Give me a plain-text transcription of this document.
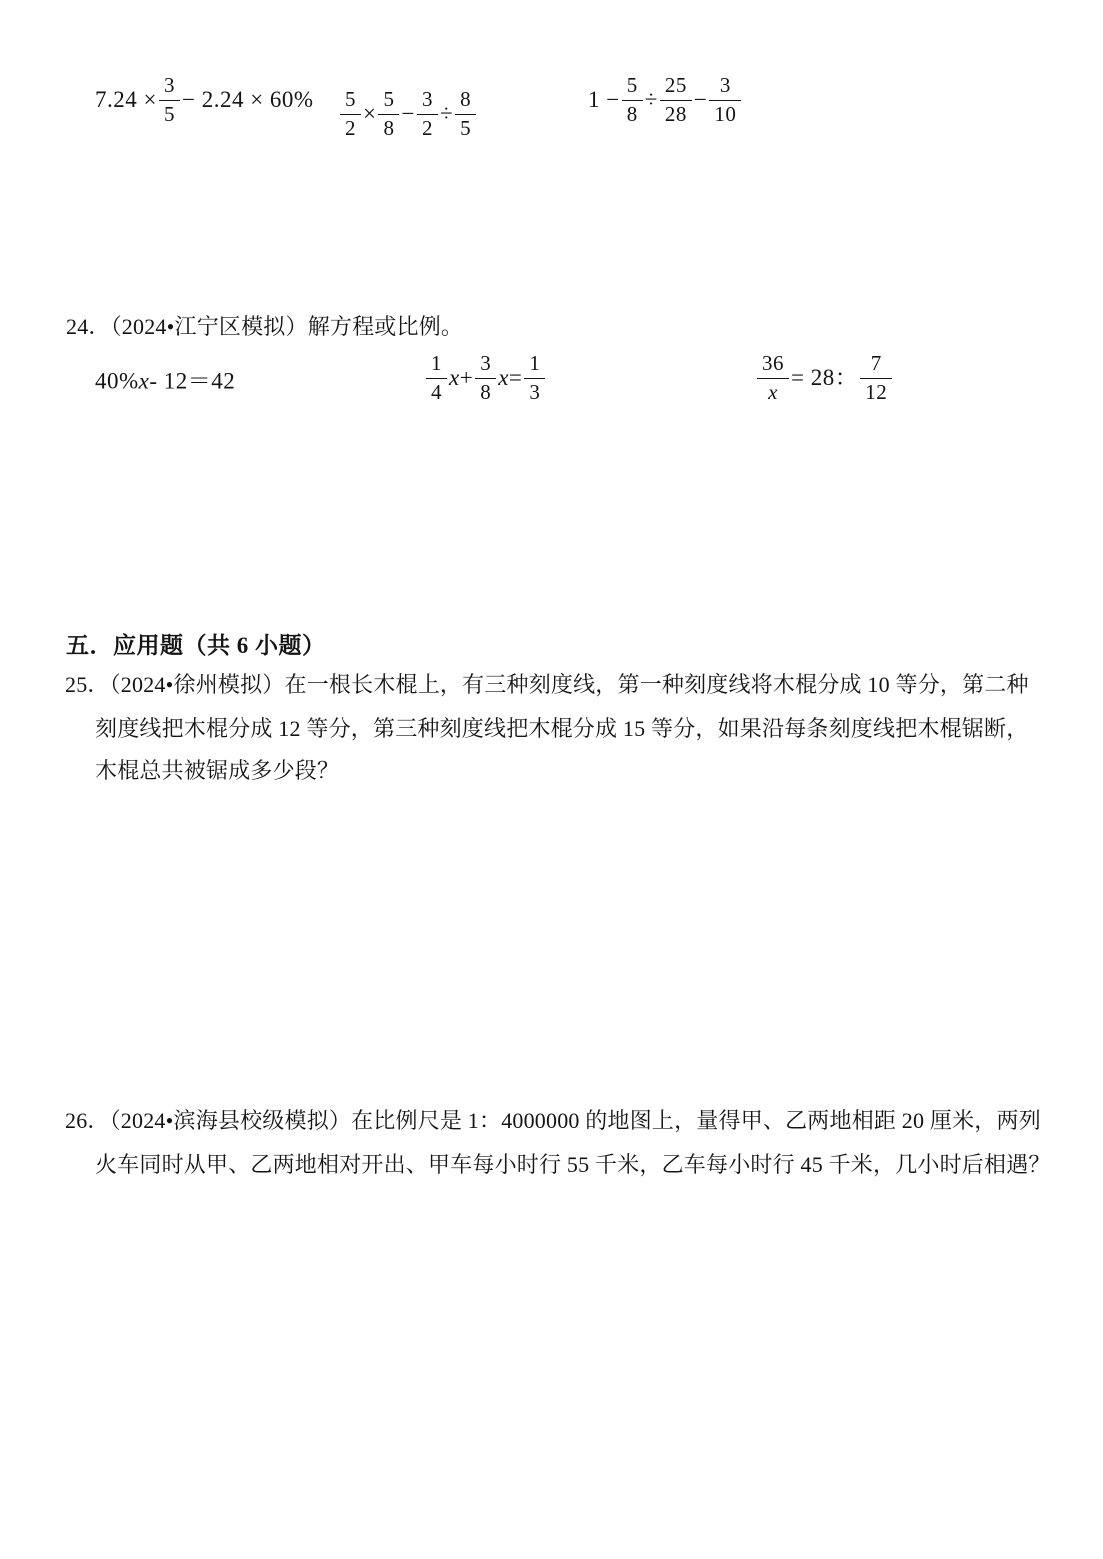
$7.24 \times \frac{3}{5} - 2.24 \times 60\% \frac{5}{2} \times \frac{5}{8} - \frac{3}{2} \div \frac{8}{5}$	$1 - \frac{5}{8} \div \frac{25}{28} - \frac{3}{10}$
24．（2024•江宁区模拟）解方程或比例。
40%x- 12＝42	$\frac{1}{4} x+ \frac{3}{8} x= \frac{1}{3}$	$\frac{36}{x} = 28$： $\frac{7}{12}$
五．应用题（共 6 小题）
25．（2024•徐州模拟）在一根长木棍上，有三种刻度线，第一种刻度线将木棍分成 10 等分，第二种
刻度线把木棍分成 12 等分，第三种刻度线把木棍分成 15 等分，如果沿每条刻度线把木棍锯断，
木棍总共被锯成多少段？
26．（2024•滨海县校级模拟）在比例尺是 1：4000000 的地图上，量得甲、乙两地相距 20 厘米，两列
火车同时从甲、乙两地相对开出、甲车每小时行 55 千米，乙车每小时行 45 千米，几小时后相遇？
